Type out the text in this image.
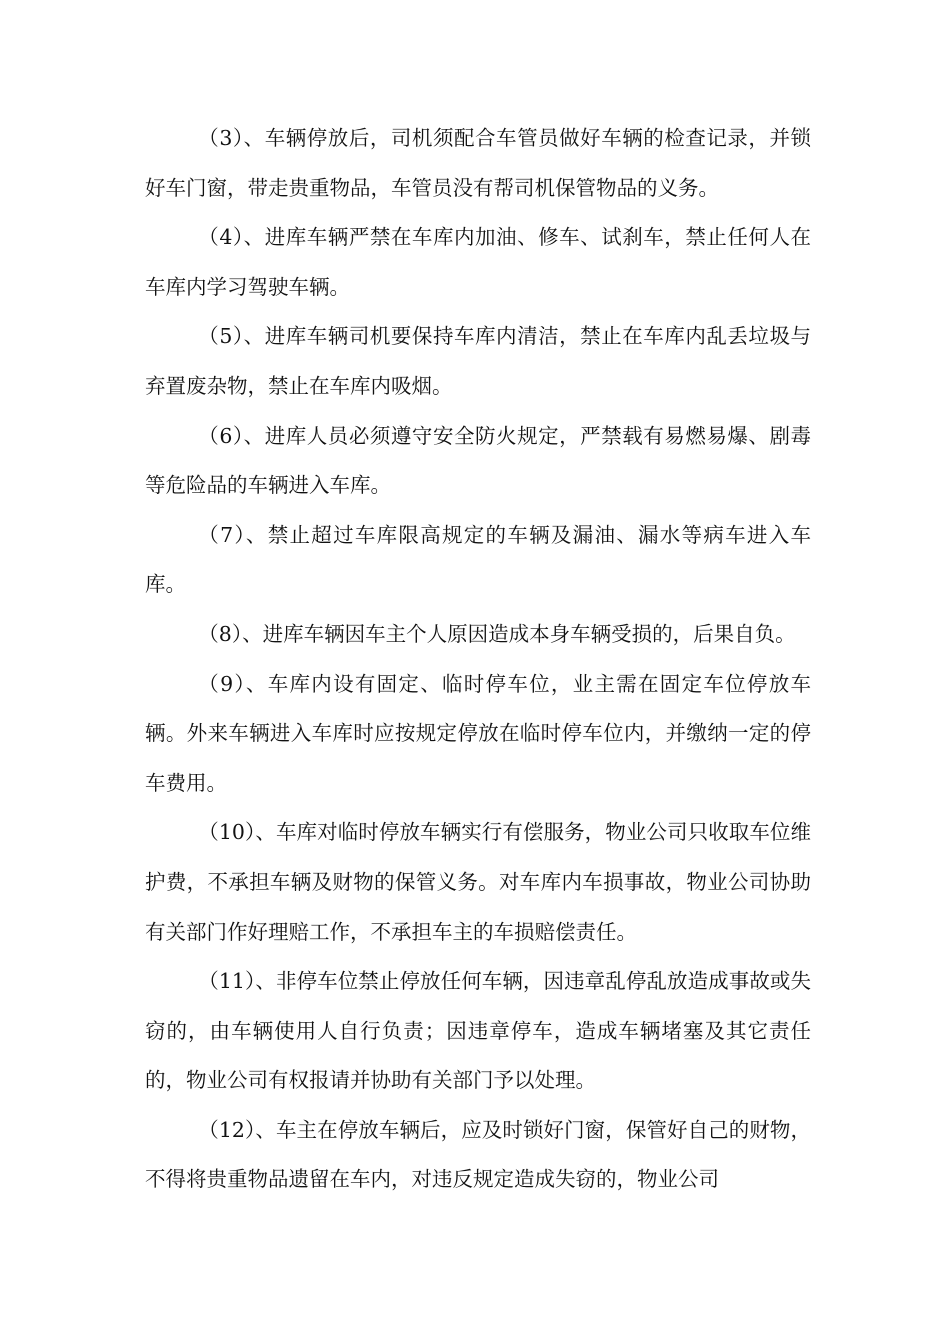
（3）、车辆停放后，司机须配合车管员做好车辆的检查记录，并锁好车门窗，带走贵重物品，车管员没有帮司机保管物品的义务。

（4）、进库车辆严禁在车库内加油、修车、试刹车，禁止任何人在车库内学习驾驶车辆。

（5）、进库车辆司机要保持车库内清洁，禁止在车库内乱丢垃圾与弃置废杂物，禁止在车库内吸烟。

（6）、进库人员必须遵守安全防火规定，严禁载有易燃易爆、剧毒等危险品的车辆进入车库。

（7）、禁止超过车库限高规定的车辆及漏油、漏水等病车进入车库。

（8）、进库车辆因车主个人原因造成本身车辆受损的，后果自负。

（9）、车库内设有固定、临时停车位，业主需在固定车位停放车辆。外来车辆进入车库时应按规定停放在临时停车位内，并缴纳一定的停车费用。

（10）、车库对临时停放车辆实行有偿服务，物业公司只收取车位维护费，不承担车辆及财物的保管义务。对车库内车损事故，物业公司协助有关部门作好理赔工作，不承担车主的车损赔偿责任。

（11）、非停车位禁止停放任何车辆，因违章乱停乱放造成事故或失窃的，由车辆使用人自行负责；因违章停车，造成车辆堵塞及其它责任的，物业公司有权报请并协助有关部门予以处理。

（12）、车主在停放车辆后，应及时锁好门窗，保管好自己的财物，不得将贵重物品遗留在车内，对违反规定造成失窃的，物业公司
